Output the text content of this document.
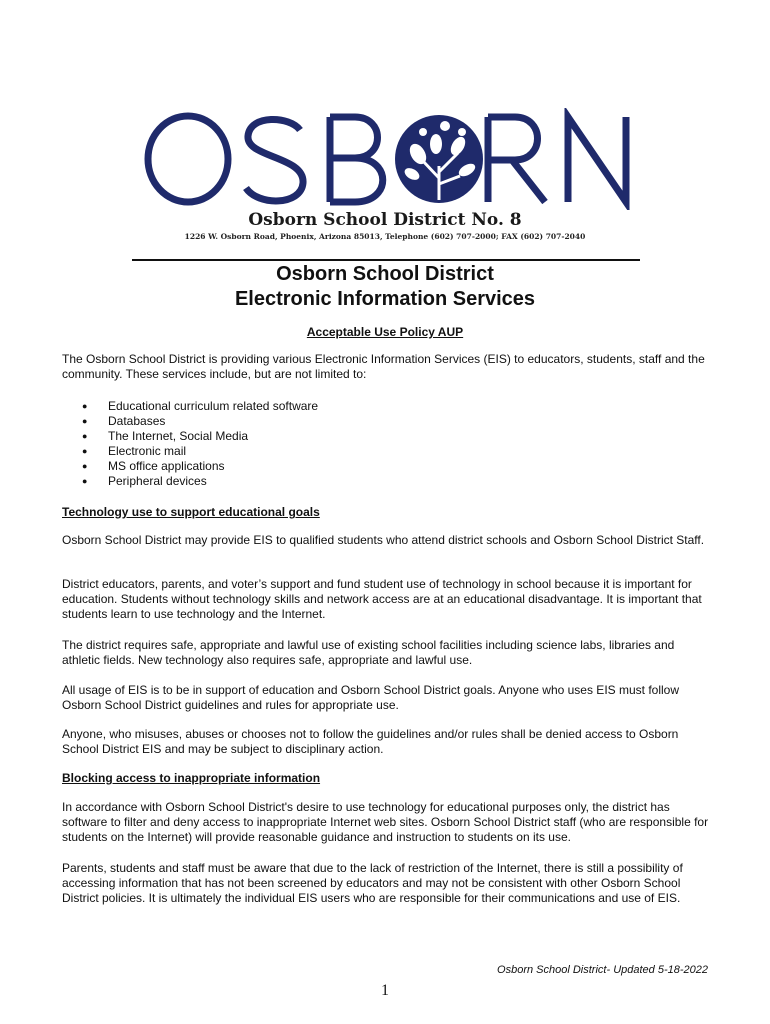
Osborn School District No. 8
1226 W. Osborn Road, Phoenix, Arizona 85013, Telephone (602) 707-2000; FAX (602) 707-2040
Osborn School District
Electronic Information Services
Acceptable Use Policy AUP
The Osborn School District is providing various Electronic Information Services (EIS) to educators, students, staff and the community. These services include, but are not limited to:
● Educational curriculum related software
● Databases
● The Internet, Social Media
● Electronic mail
● MS office applications
● Peripheral devices
Technology use to support educational goals
Osborn School District may provide EIS to qualified students who attend district schools and Osborn School District Staff.
District educators, parents, and voter’s support and fund student use of technology in school because it is important for education. Students without technology skills and network access are at an educational disadvantage. It is important that students learn to use technology and the Internet.
The district requires safe, appropriate and lawful use of existing school facilities including science labs, libraries and athletic fields. New technology also requires safe, appropriate and lawful use.
All usage of EIS is to be in support of education and Osborn School District goals. Anyone who uses EIS must follow Osborn School District guidelines and rules for appropriate use.
Anyone, who misuses, abuses or chooses not to follow the guidelines and/or rules shall be denied access to Osborn School District EIS and may be subject to disciplinary action.
Blocking access to inappropriate information
In accordance with Osborn School District's desire to use technology for educational purposes only, the district has software to filter and deny access to inappropriate Internet web sites. Osborn School District staff (who are responsible for students on the Internet) will provide reasonable guidance and instruction to students on its use.
Parents, students and staff must be aware that due to the lack of restriction of the Internet, there is still a possibility of accessing information that has not been screened by educators and may not be consistent with other Osborn School District policies. It is ultimately the individual EIS users who are responsible for their communications and use of EIS.
Osborn School District- Updated 5-18-2022
1
